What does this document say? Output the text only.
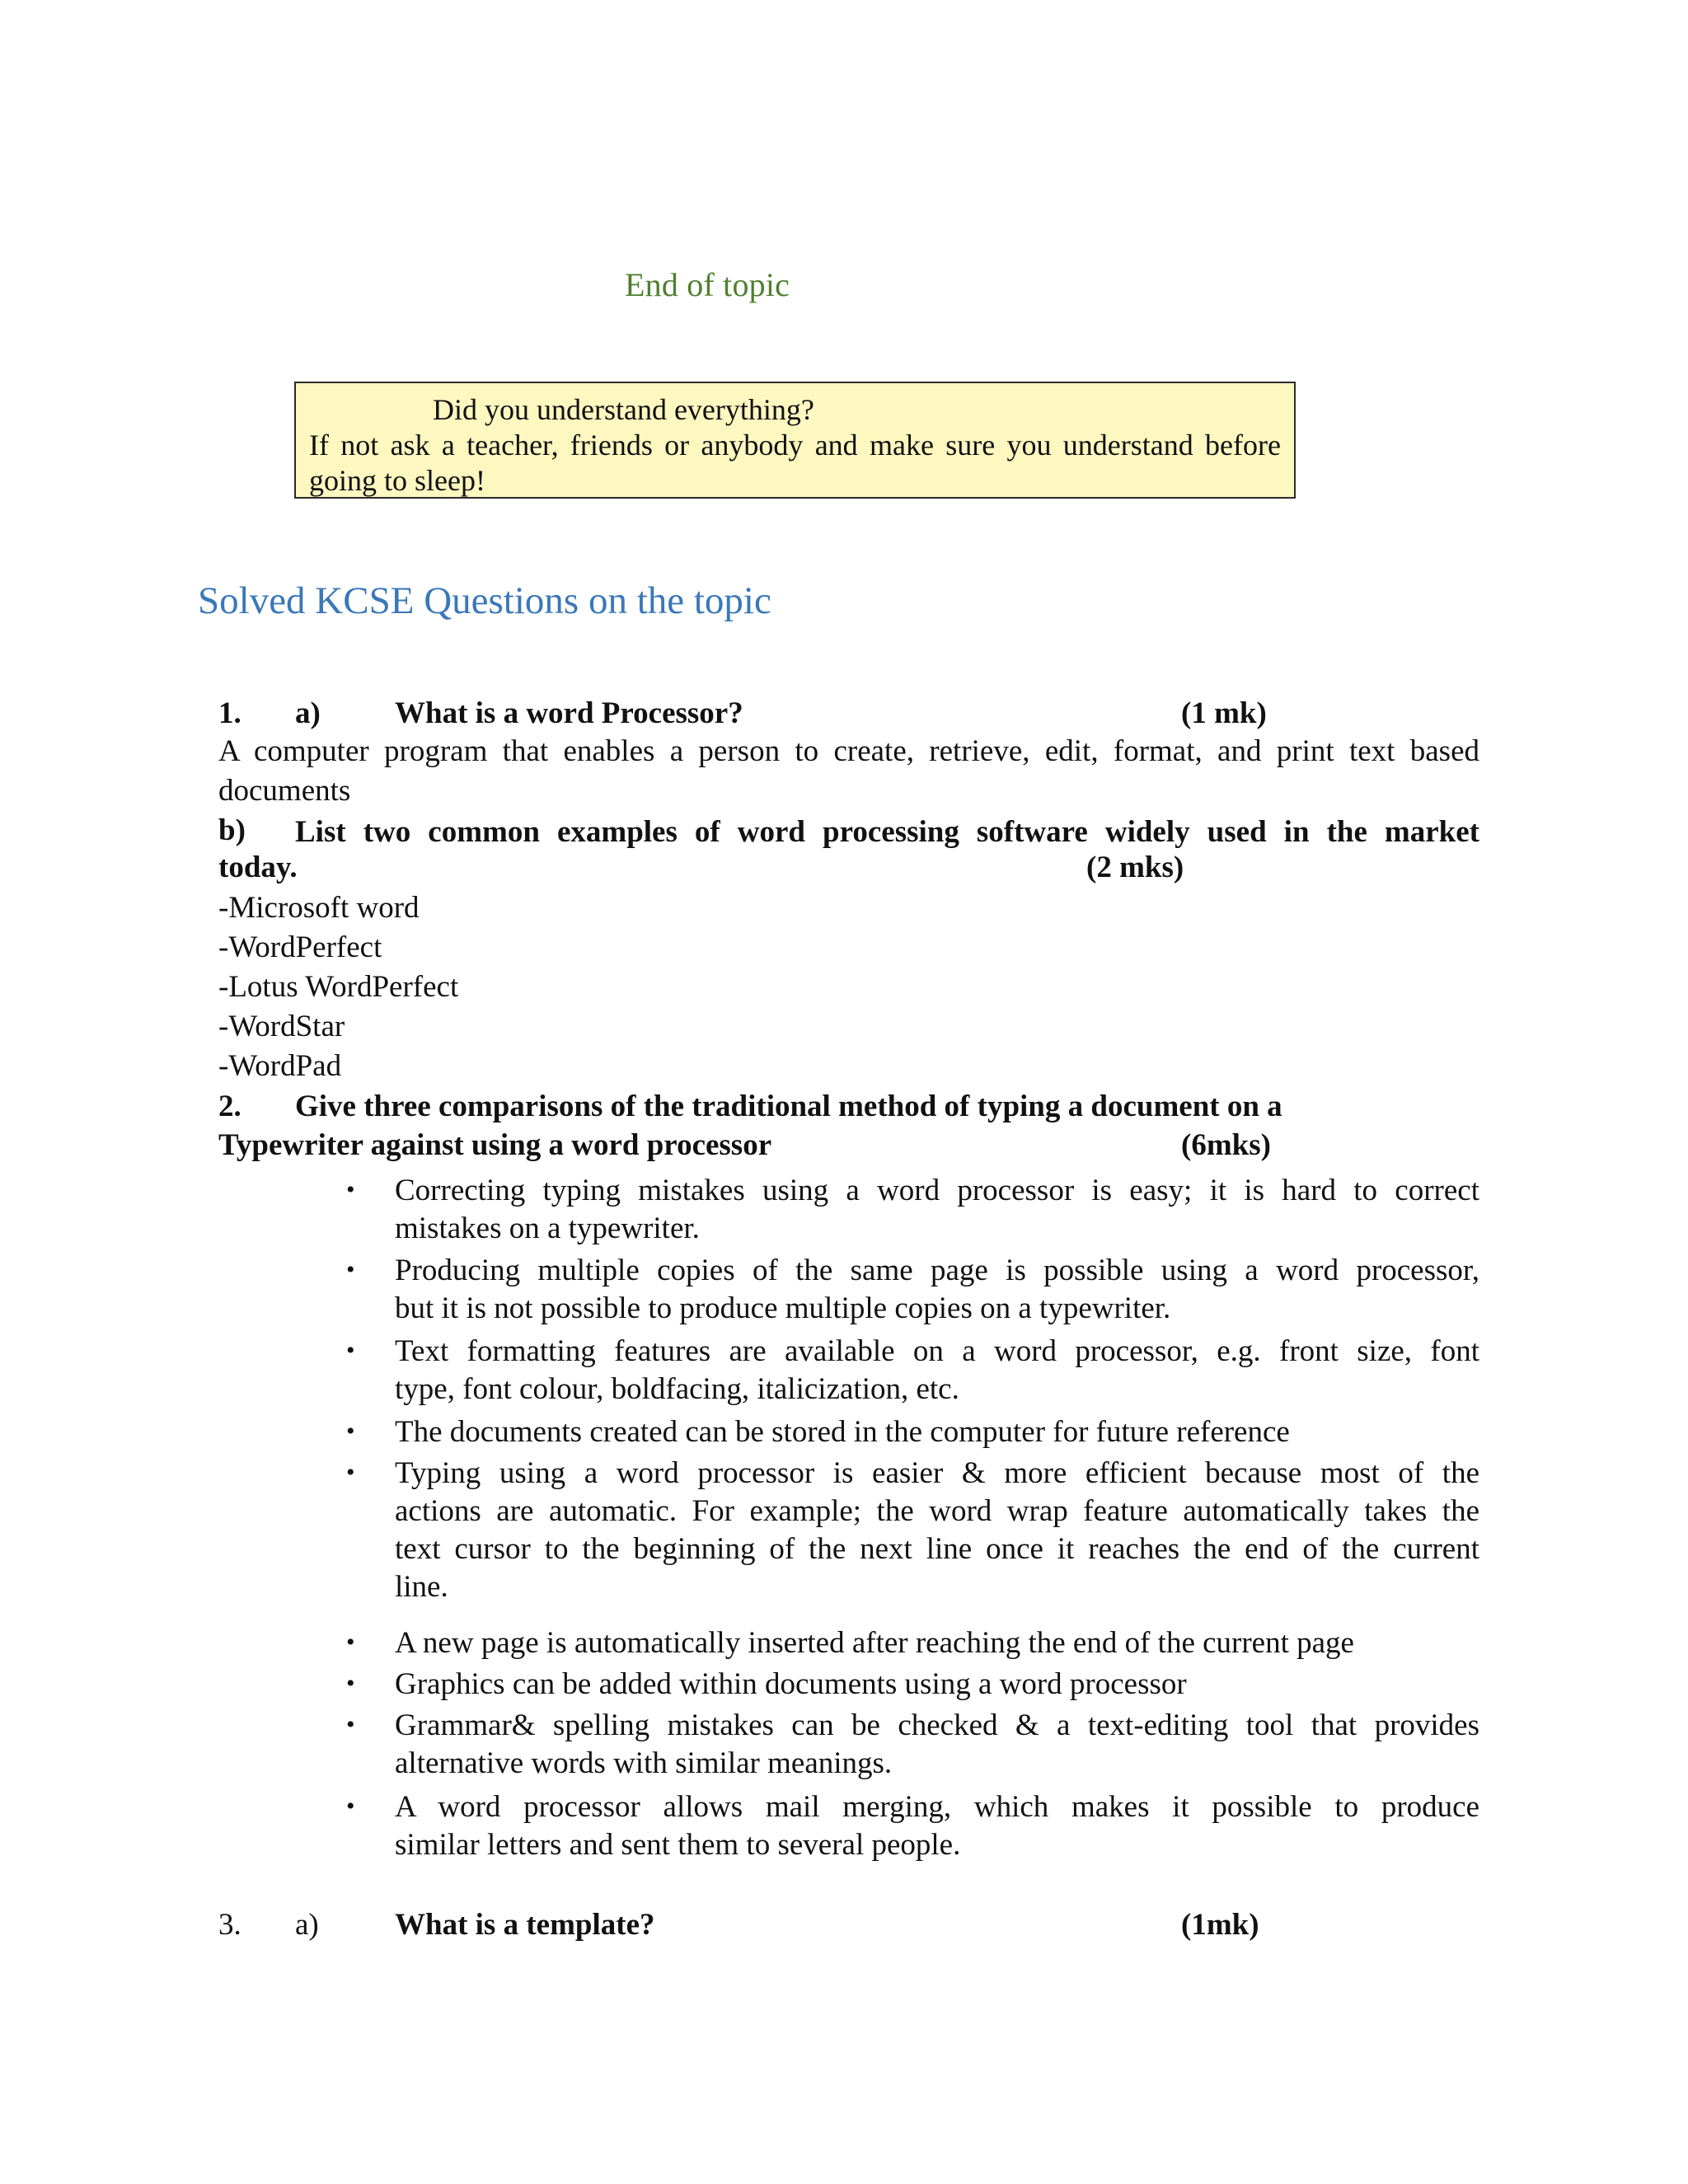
End of topic
Did you understand everything?
If not ask a teacher, friends or anybody and make sure you understand before
going to sleep!
Solved KCSE Questions on the topic
1. a) What is a word Processor?	(1 mk)
A computer program that enables a person to create, retrieve, edit, format, and print text based
documents
b) List two common examples of word processing software widely used in the market
today.	(2 mks)
-Microsoft word
-WordPerfect
-Lotus WordPerfect
-WordStar
-WordPad
2. Give three comparisons of the traditional method of typing a document on a
Typewriter against using a word processor	(6mks)
• Correcting typing mistakes using a word processor is easy; it is hard to correct
mistakes on a typewriter.
• Producing multiple copies of the same page is possible using a word processor,
but it is not possible to produce multiple copies on a typewriter.
• Text formatting features are available on a word processor, e.g. front size, font
type, font colour, boldfacing, italicization, etc.
• The documents created can be stored in the computer for future reference
• Typing using a word processor is easier & more efficient because most of the
actions are automatic. For example; the word wrap feature automatically takes the
text cursor to the beginning of the next line once it reaches the end of the current
line.
• A new page is automatically inserted after reaching the end of the current page
• Graphics can be added within documents using a word processor
• Grammar& spelling mistakes can be checked & a text-editing tool that provides
alternative words with similar meanings.
• A word processor allows mail merging, which makes it possible to produce
similar letters and sent them to several people.
3. a) What is a template?	(1mk)
